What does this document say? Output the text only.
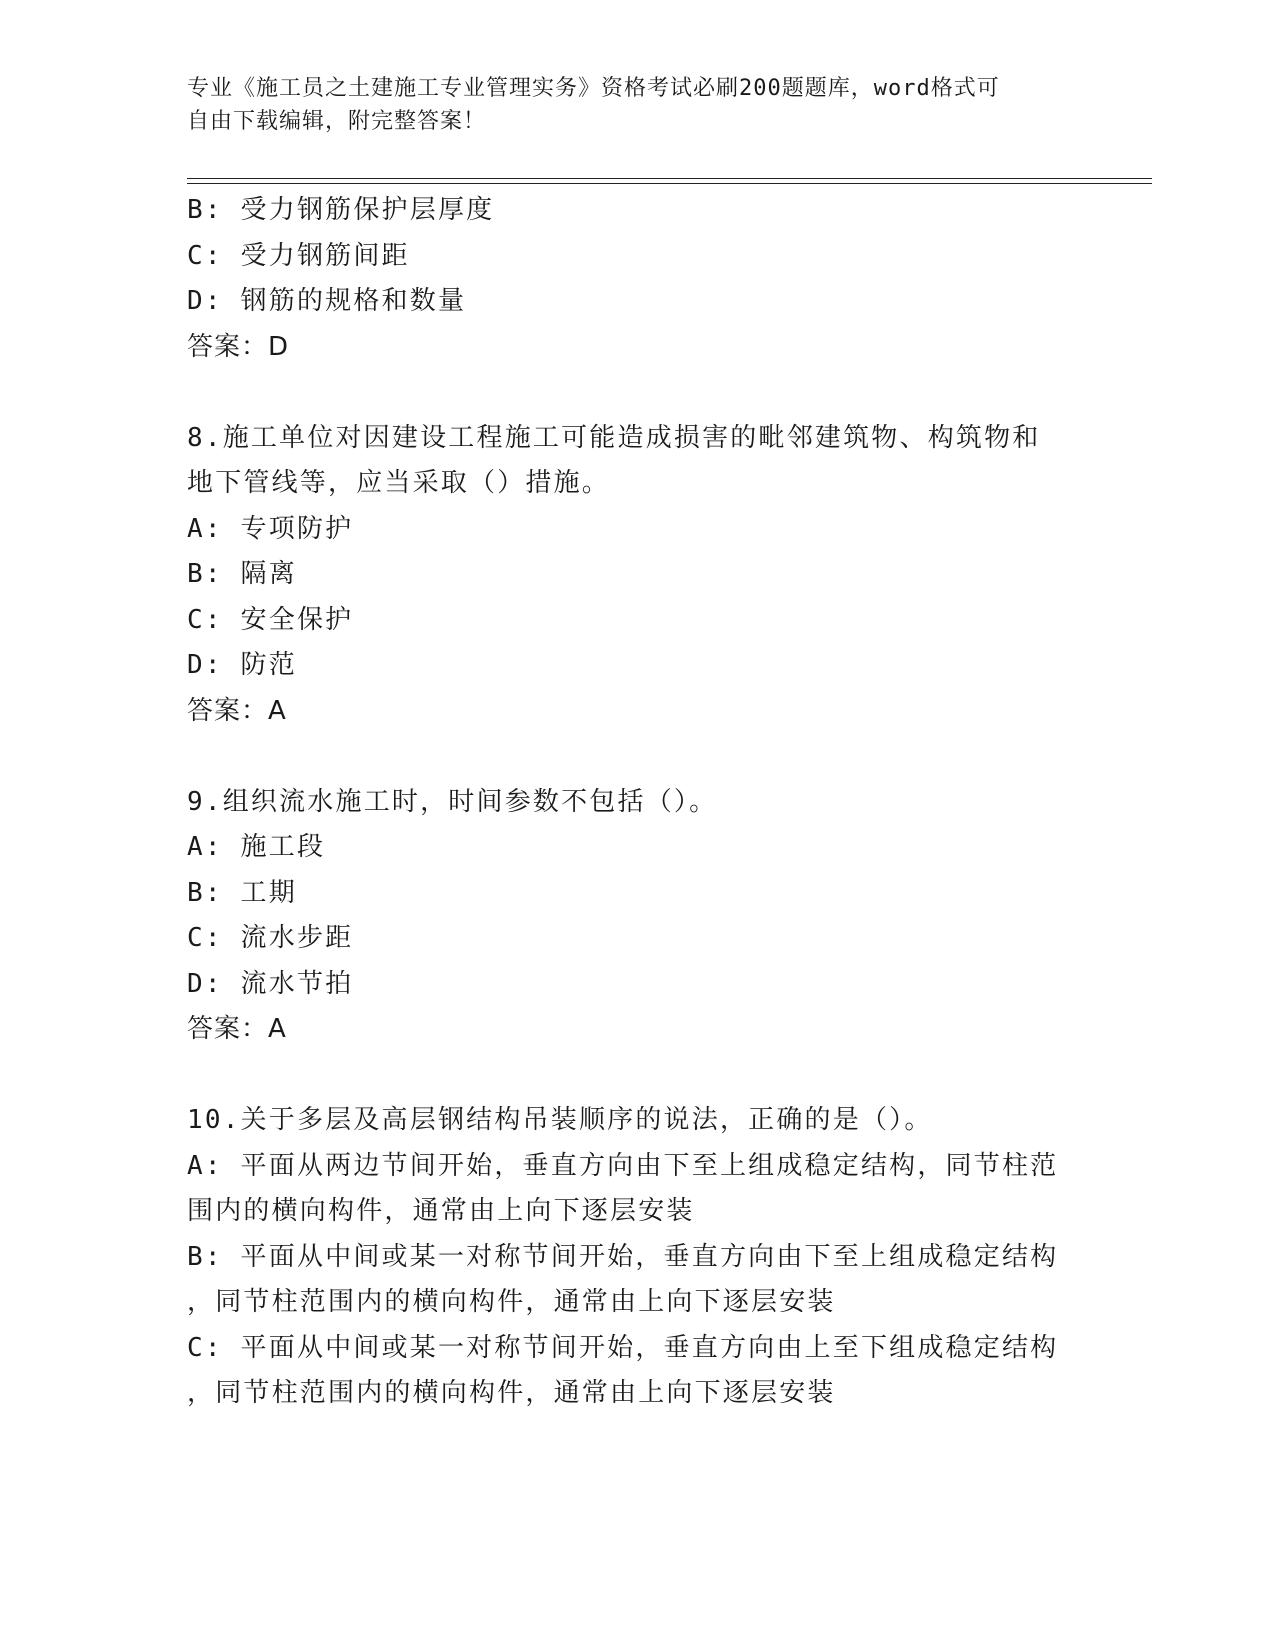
专业《施工员之土建施工专业管理实务》资格考试必刷200题题库，word格式可
自由下载编辑，附完整答案！
B: 受力钢筋保护层厚度
C: 受力钢筋间距
D: 钢筋的规格和数量
答案：D
8.施工单位对因建设工程施工可能造成损害的毗邻建筑物、构筑物和
地下管线等，应当采取（）措施。
A: 专项防护
B: 隔离
C: 安全保护
D: 防范
答案：A
9.组织流水施工时，时间参数不包括（）。
A: 施工段
B: 工期
C: 流水步距
D: 流水节拍
答案：A
10.关于多层及高层钢结构吊装顺序的说法，正确的是（）。
A: 平面从两边节间开始，垂直方向由下至上组成稳定结构，同节柱范
围内的横向构件，通常由上向下逐层安装
B: 平面从中间或某一对称节间开始，垂直方向由下至上组成稳定结构
，同节柱范围内的横向构件，通常由上向下逐层安装
C: 平面从中间或某一对称节间开始，垂直方向由上至下组成稳定结构
，同节柱范围内的横向构件，通常由上向下逐层安装
